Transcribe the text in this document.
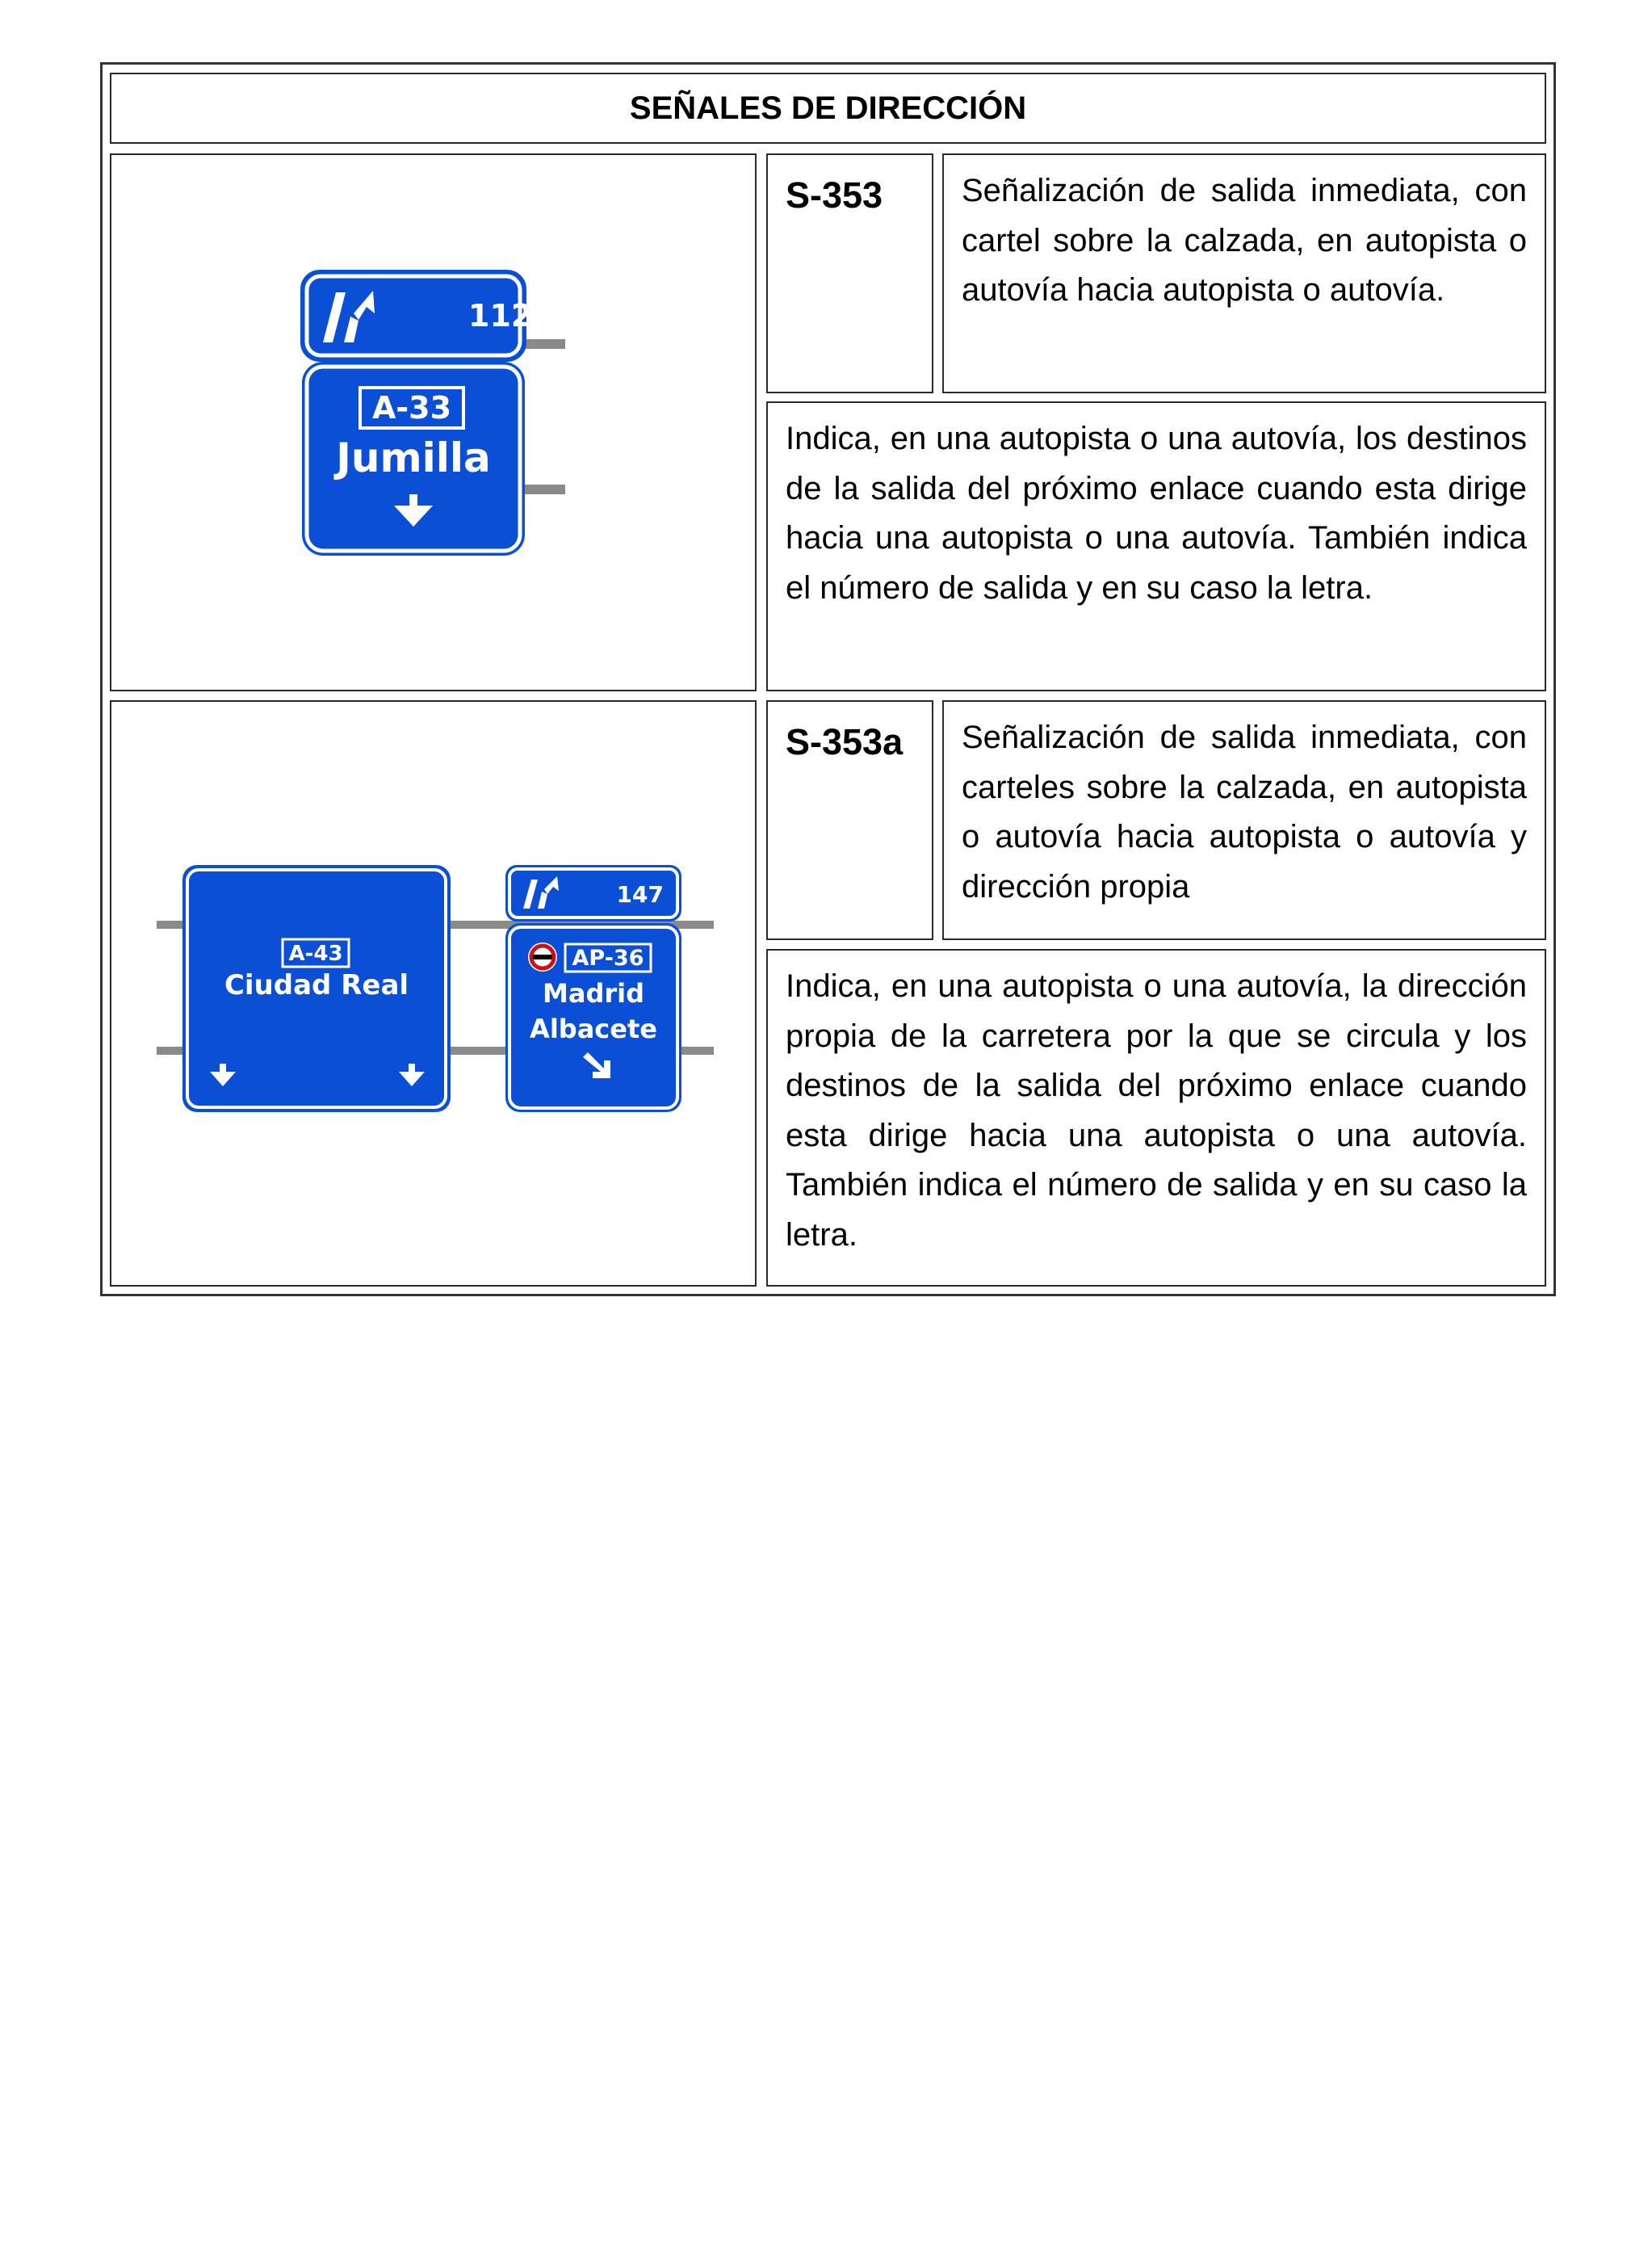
SEÑALES DE DIRECCIÓN
112
A-33
Jumilla
S-353	Señalización de salida inmediata, con cartel sobre la calzada, en autopista o autovía hacia autopista o autovía.
Indica, en una autopista o una autovía, los destinos de la salida del próximo enlace cuando esta dirige hacia una autopista o una autovía. También indica el número de salida y en su caso la letra.
A-43
Ciudad Real
147
AP-36
Madrid
Albacete
S-353a	Señalización de salida inmediata, con carteles sobre la calzada, en autopista o autovía hacia autopista o autovía y dirección propia
Indica, en una autopista o una autovía, la dirección propia de la carretera por la que se circula y los destinos de la salida del próximo enlace cuando esta dirige hacia una autopista o una autovía. También indica el número de salida y en su caso la letra.
